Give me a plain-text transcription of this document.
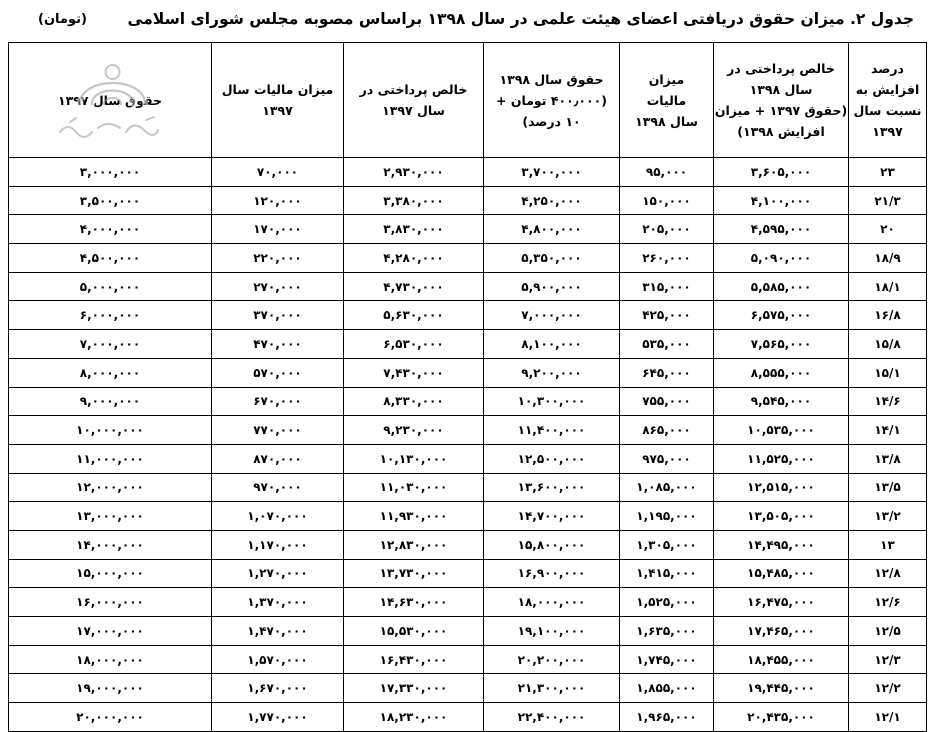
جدول ۲. میزان حقوق دریافتی اعضای هیئت علمی در سال ۱۳۹۸ براساس مصوبه مجلس شورای اسلامی
(تومان)
درصد
افزایش به
نسبت سال
۱۳۹۷	خالص پرداختی در
سال ۱۳۹۸
(حقوق ۱۳۹۷ + میزان
افزایش ۱۳۹۸)	میزان
مالیات
سال ۱۳۹۸	حقوق سال ۱۳۹۸
(۴۰۰٫۰۰۰ تومان +
۱۰ درصد)	خالص پرداختی در
سال ۱۳۹۷	میزان مالیات سال
۱۳۹۷	حقوق سال ۱۳۹۷

۲۳	۳,۶۰۵,۰۰۰	۹۵,۰۰۰	۳,۷۰۰,۰۰۰	۲,۹۳۰,۰۰۰	۷۰,۰۰۰	۳,۰۰۰,۰۰۰
۲۱/۳	۴,۱۰۰,۰۰۰	۱۵۰,۰۰۰	۴,۲۵۰,۰۰۰	۳,۳۸۰,۰۰۰	۱۲۰,۰۰۰	۳,۵۰۰,۰۰۰
۲۰	۴,۵۹۵,۰۰۰	۲۰۵,۰۰۰	۴,۸۰۰,۰۰۰	۳,۸۳۰,۰۰۰	۱۷۰,۰۰۰	۴,۰۰۰,۰۰۰
۱۸/۹	۵,۰۹۰,۰۰۰	۲۶۰,۰۰۰	۵,۳۵۰,۰۰۰	۴,۲۸۰,۰۰۰	۲۲۰,۰۰۰	۴,۵۰۰,۰۰۰
۱۸/۱	۵,۵۸۵,۰۰۰	۳۱۵,۰۰۰	۵,۹۰۰,۰۰۰	۴,۷۳۰,۰۰۰	۲۷۰,۰۰۰	۵,۰۰۰,۰۰۰
۱۶/۸	۶,۵۷۵,۰۰۰	۴۲۵,۰۰۰	۷,۰۰۰,۰۰۰	۵,۶۳۰,۰۰۰	۳۷۰,۰۰۰	۶,۰۰۰,۰۰۰
۱۵/۸	۷,۵۶۵,۰۰۰	۵۳۵,۰۰۰	۸,۱۰۰,۰۰۰	۶,۵۳۰,۰۰۰	۴۷۰,۰۰۰	۷,۰۰۰,۰۰۰
۱۵/۱	۸,۵۵۵,۰۰۰	۶۴۵,۰۰۰	۹,۲۰۰,۰۰۰	۷,۴۳۰,۰۰۰	۵۷۰,۰۰۰	۸,۰۰۰,۰۰۰
۱۴/۶	۹,۵۴۵,۰۰۰	۷۵۵,۰۰۰	۱۰,۳۰۰,۰۰۰	۸,۳۳۰,۰۰۰	۶۷۰,۰۰۰	۹,۰۰۰,۰۰۰
۱۴/۱	۱۰,۵۳۵,۰۰۰	۸۶۵,۰۰۰	۱۱,۴۰۰,۰۰۰	۹,۲۳۰,۰۰۰	۷۷۰,۰۰۰	۱۰,۰۰۰,۰۰۰
۱۳/۸	۱۱,۵۲۵,۰۰۰	۹۷۵,۰۰۰	۱۲,۵۰۰,۰۰۰	۱۰,۱۳۰,۰۰۰	۸۷۰,۰۰۰	۱۱,۰۰۰,۰۰۰
۱۳/۵	۱۲,۵۱۵,۰۰۰	۱,۰۸۵,۰۰۰	۱۳,۶۰۰,۰۰۰	۱۱,۰۳۰,۰۰۰	۹۷۰,۰۰۰	۱۲,۰۰۰,۰۰۰
۱۳/۲	۱۳,۵۰۵,۰۰۰	۱,۱۹۵,۰۰۰	۱۴,۷۰۰,۰۰۰	۱۱,۹۳۰,۰۰۰	۱,۰۷۰,۰۰۰	۱۳,۰۰۰,۰۰۰
۱۳	۱۴,۴۹۵,۰۰۰	۱,۳۰۵,۰۰۰	۱۵,۸۰۰,۰۰۰	۱۲,۸۳۰,۰۰۰	۱,۱۷۰,۰۰۰	۱۴,۰۰۰,۰۰۰
۱۲/۸	۱۵,۴۸۵,۰۰۰	۱,۴۱۵,۰۰۰	۱۶,۹۰۰,۰۰۰	۱۳,۷۳۰,۰۰۰	۱,۲۷۰,۰۰۰	۱۵,۰۰۰,۰۰۰
۱۲/۶	۱۶,۴۷۵,۰۰۰	۱,۵۲۵,۰۰۰	۱۸,۰۰۰,۰۰۰	۱۴,۶۳۰,۰۰۰	۱,۳۷۰,۰۰۰	۱۶,۰۰۰,۰۰۰
۱۲/۵	۱۷,۴۶۵,۰۰۰	۱,۶۳۵,۰۰۰	۱۹,۱۰۰,۰۰۰	۱۵,۵۳۰,۰۰۰	۱,۴۷۰,۰۰۰	۱۷,۰۰۰,۰۰۰
۱۲/۳	۱۸,۴۵۵,۰۰۰	۱,۷۴۵,۰۰۰	۲۰,۲۰۰,۰۰۰	۱۶,۴۳۰,۰۰۰	۱,۵۷۰,۰۰۰	۱۸,۰۰۰,۰۰۰
۱۲/۲	۱۹,۴۴۵,۰۰۰	۱,۸۵۵,۰۰۰	۲۱,۳۰۰,۰۰۰	۱۷,۳۳۰,۰۰۰	۱,۶۷۰,۰۰۰	۱۹,۰۰۰,۰۰۰
۱۲/۱	۲۰,۴۳۵,۰۰۰	۱,۹۶۵,۰۰۰	۲۲,۴۰۰,۰۰۰	۱۸,۲۳۰,۰۰۰	۱,۷۷۰,۰۰۰	۲۰,۰۰۰,۰۰۰
